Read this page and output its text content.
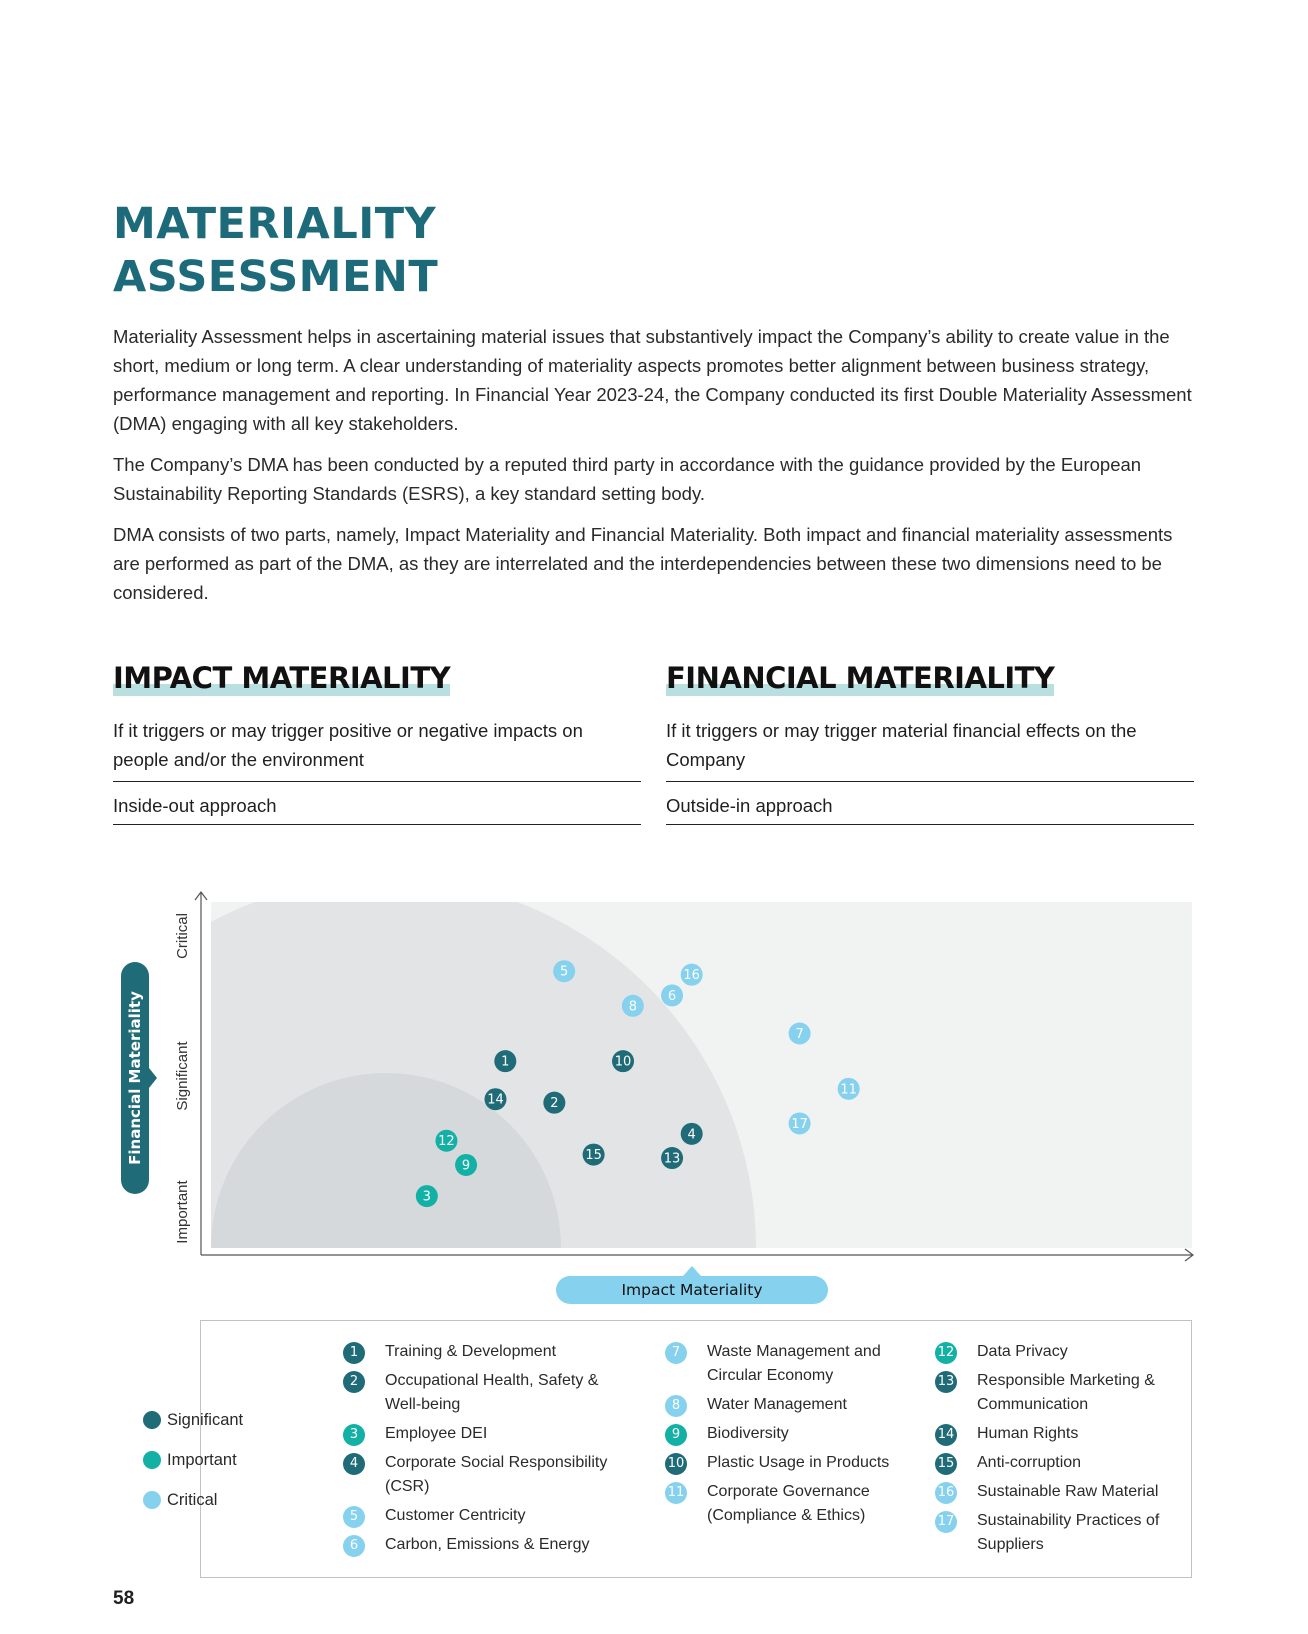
MATERIALITY
ASSESSMENT

Materiality Assessment helps in ascertaining material issues that substantively impact the Company’s ability to create value in the short, medium or long term. A clear understanding of materiality aspects promotes better alignment between business strategy, performance management and reporting. In Financial Year 2023-24, the Company conducted its first Double Materiality Assessment (DMA) engaging with all key stakeholders.

The Company’s DMA has been conducted by a reputed third party in accordance with the guidance provided by the European Sustainability Reporting Standards (ESRS), a key standard setting body.

DMA consists of two parts, namely, Impact Materiality and Financial Materiality. Both impact and financial materiality assessments are performed as part of the DMA, as they are interrelated and the interdependencies between these two dimensions need to be considered.

IMPACT MATERIALITY

If it triggers or may trigger positive or negative impacts on people and/or the environment

Inside-out approach

FINANCIAL MATERIALITY

If it triggers or may trigger material financial effects on the Company

Outside-in approach

Critical
Significant
Important
Financial Materiality
Impact Materiality
1
2
3
4
5
6
7
8
9
10
11
12
13
14
15
16
17
Significant
Important
Critical
1	Training & Development
2	Occupational Health, Safety & Well-being
3	Employee DEI
4	Corporate Social Responsibility (CSR)
5	Customer Centricity
6	Carbon, Emissions & Energy
7	Waste Management and Circular Economy
8	Water Management
9	Biodiversity
10 Plastic Usage in Products
11 Corporate Governance (Compliance & Ethics)
12 Data Privacy
13 Responsible Marketing & Communication
14 Human Rights
15 Anti-corruption
16 Sustainable Raw Material
17 Sustainability Practices of Suppliers
58
